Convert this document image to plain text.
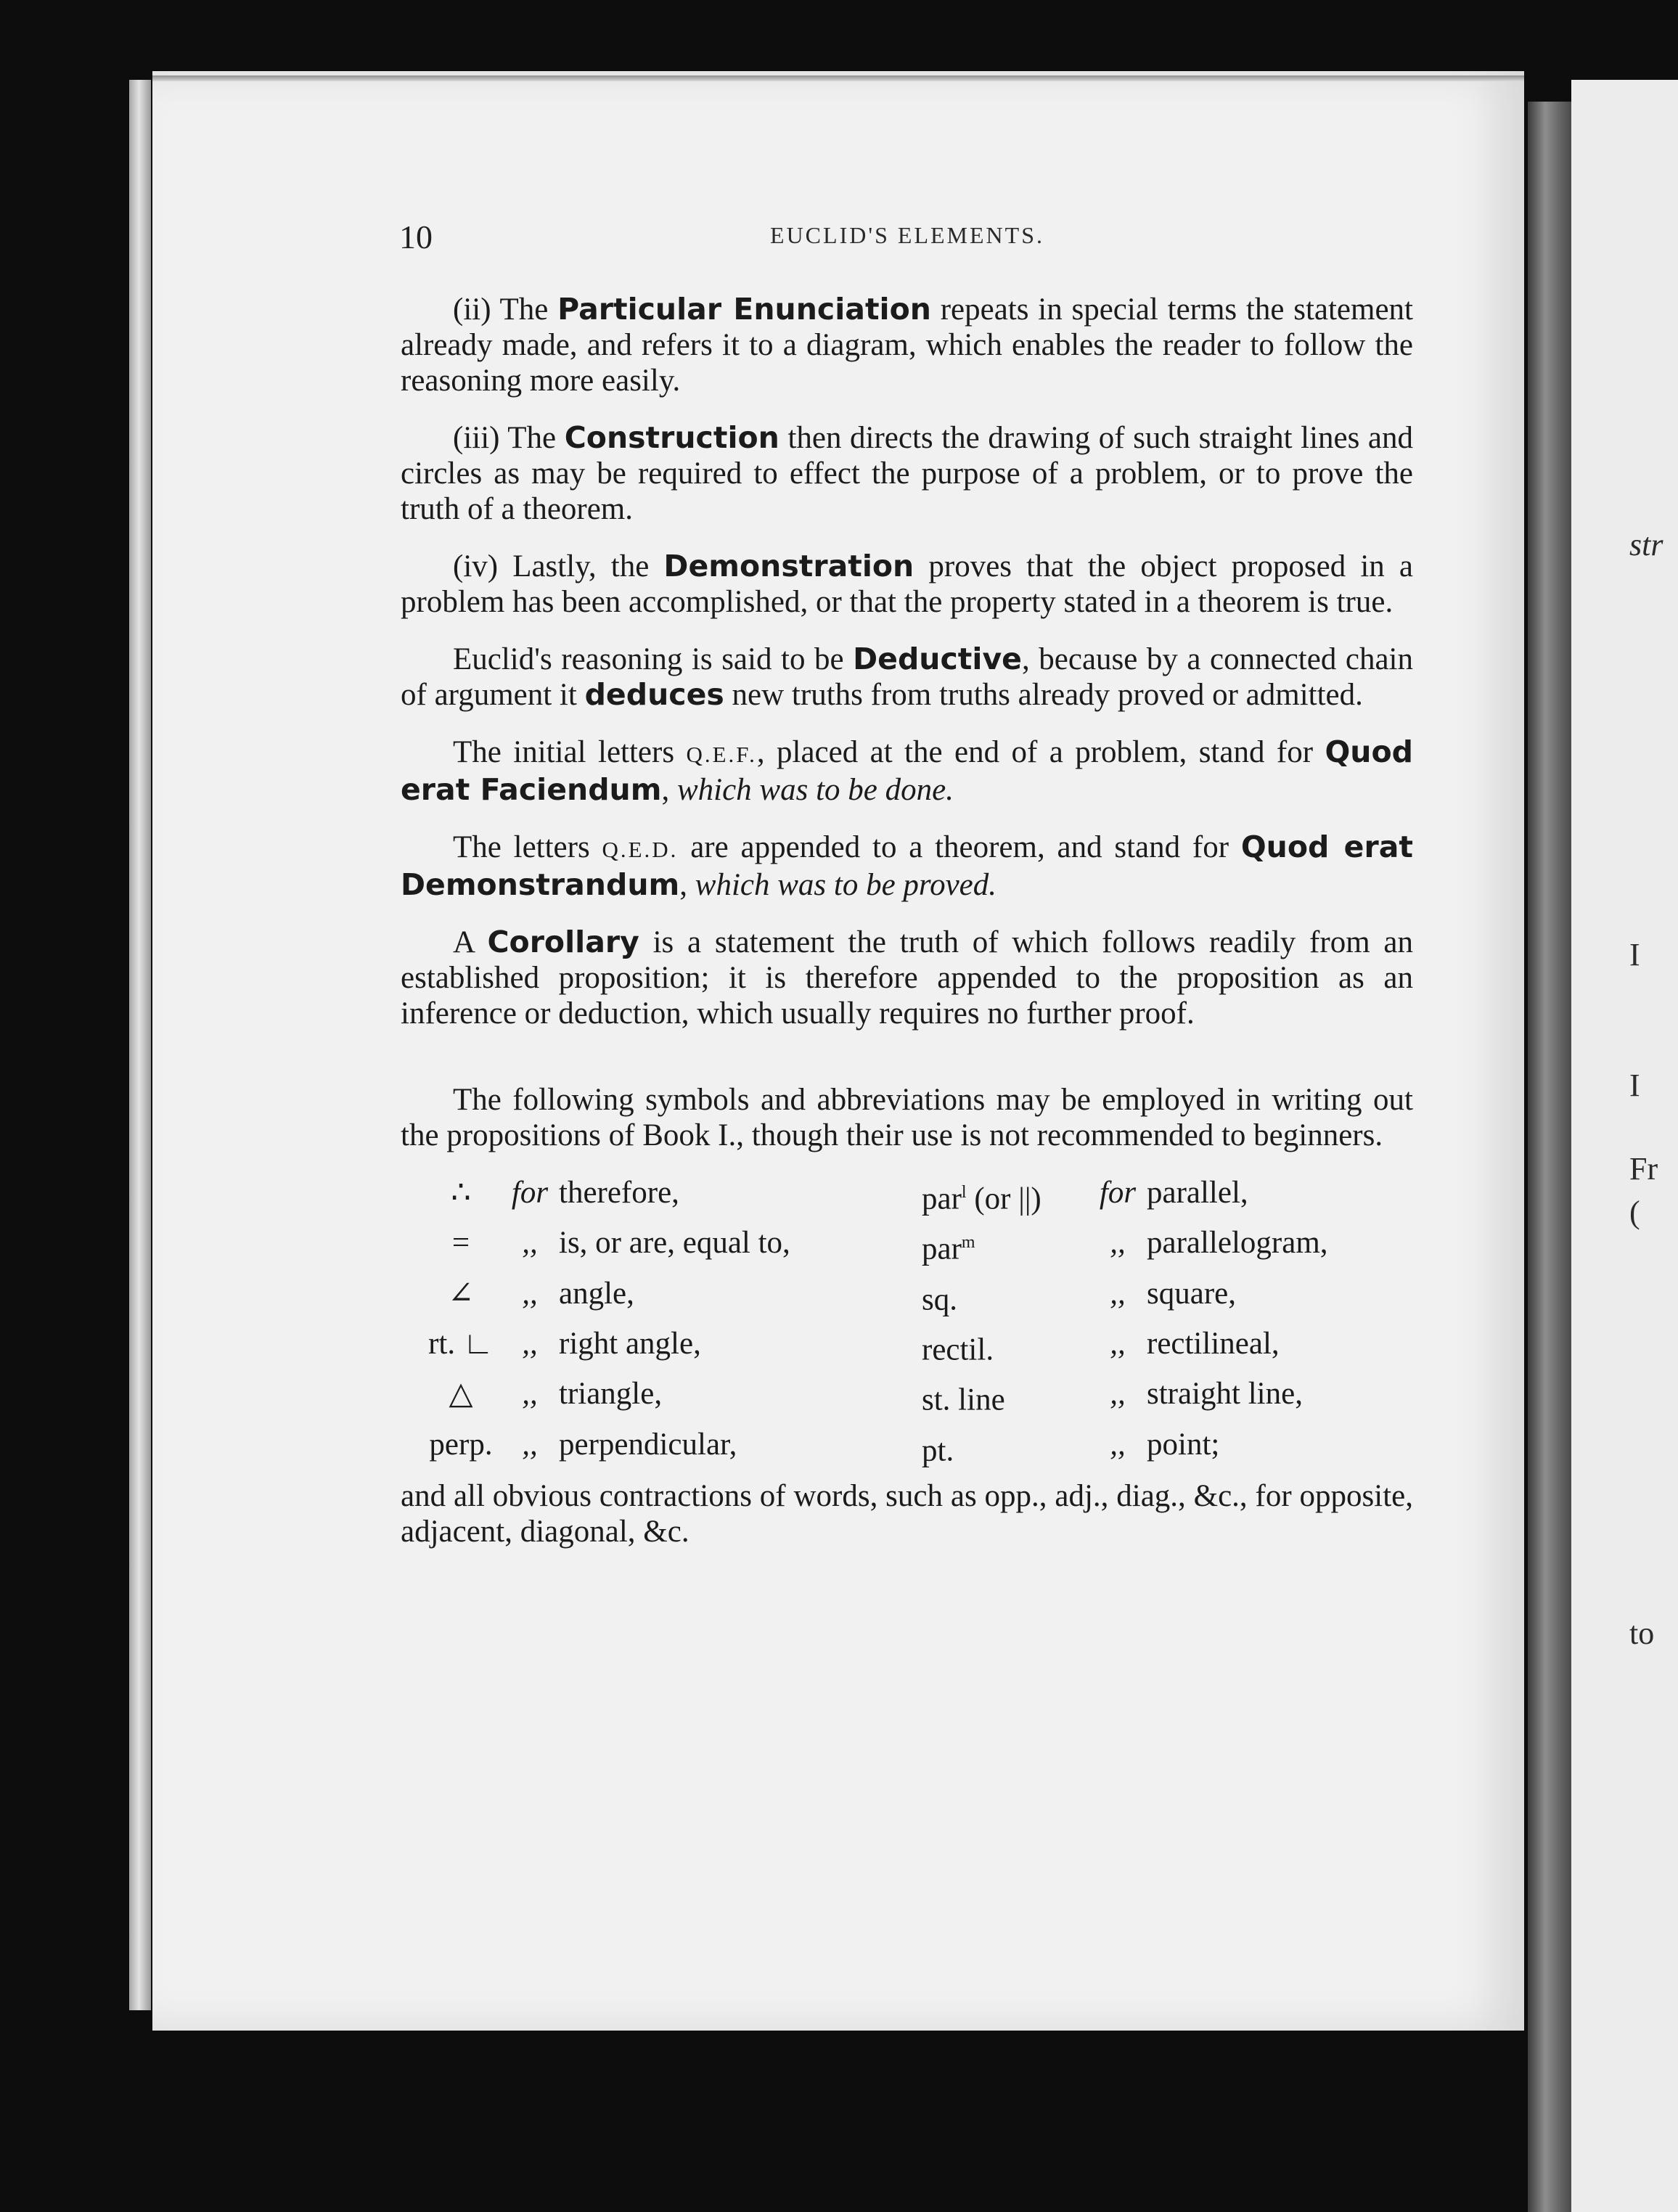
str
I
I
Fr
(
to
10	EUCLID'S ELEMENTS.

(ii) The Particular Enunciation repeats in special terms the statement already made, and refers it to a diagram, which enables the reader to follow the reasoning more easily.

(iii) The Construction then directs the drawing of such straight lines and circles as may be required to effect the purpose of a problem, or to prove the truth of a theorem.

(iv) Lastly, the Demonstration proves that the object proposed in a problem has been accomplished, or that the property stated in a theorem is true.

Euclid's reasoning is said to be Deductive, because by a connected chain of argument it deduces new truths from truths already proved or admitted.

The initial letters Q.E.F., placed at the end of a problem, stand for Quod erat Faciendum, which was to be done.

The letters Q.E.D. are appended to a theorem, and stand for Quod erat Demonstrandum, which was to be proved.

A Corollary is a statement the truth of which follows readily from an established proposition; it is therefore appended to the proposition as an inference or deduction, which usually requires no further proof.

The following symbols and abbreviations may be employed in writing out the propositions of Book I., though their use is not recommended to beginners.

∴	for therefore,	par$^l$ (or ||)	for parallel,
=	,, is, or are, equal to,	par$^m$	,, parallelogram,
∠	,, angle,	sq.	,, square,
rt. ∟ ,, right angle,	rectil.	,, rectilineal,
△	,, triangle,	st. line	,, straight line,
perp. ,, perpendicular,	pt.	,, point;

and all obvious contractions of words, such as opp., adj., diag., &c., for opposite, adjacent, diagonal, &c.
